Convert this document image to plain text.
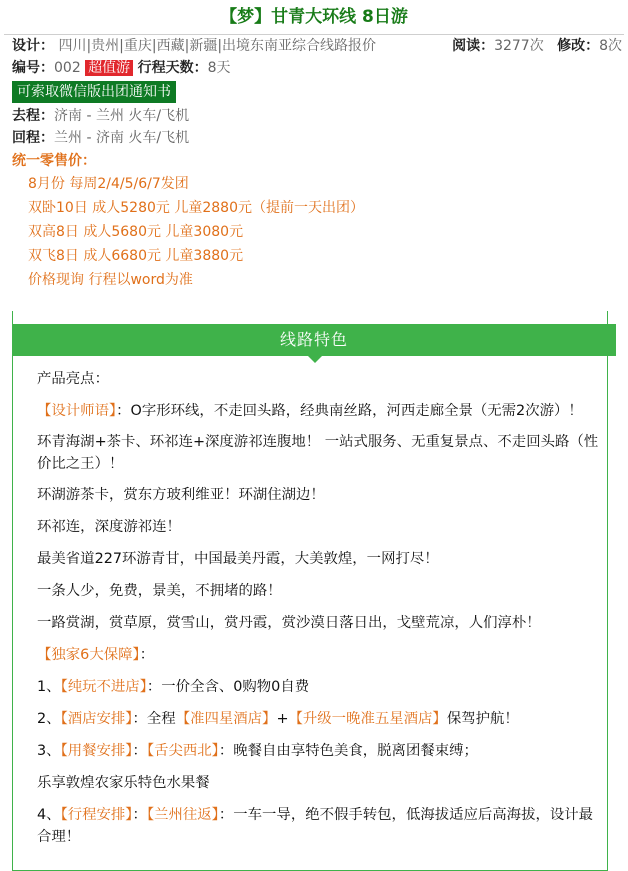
【梦】甘青大环线 8日游
设计： 四川|贵州|重庆|西藏|新疆|出境东南亚综合线路报价	阅读：3277次 修改：8次
编号：002 超值游 行程天数：8天
可索取微信版出团通知书
去程：济南 - 兰州 火车/飞机
回程：兰州 - 济南 火车/飞机
统一零售价：
8月份 每周2/4/5/6/7发团
双卧10日 成人5280元 儿童2880元（提前一天出团）
双高8日 成人5680元 儿童3080元
双飞8日 成人6680元 儿童3880元
价格现询 行程以word为准
线路特色

产品亮点：

【设计师语】：O字形环线，不走回头路，经典南丝路，河西走廊全景（无需2次游）！

环青海湖+茶卡、环祁连+深度游祁连腹地！ 一站式服务、无重复景点、不走回头路（性价比之王）！

环湖游茶卡，赏东方玻利维亚！环湖住湖边！

环祁连，深度游祁连！

最美省道227环游青甘，中国最美丹霞，大美敦煌，一网打尽！

一条人少，免费，景美，不拥堵的路！

一路赏湖，赏草原，赏雪山，赏丹霞，赏沙漠日落日出，戈壁荒凉，人们淳朴！

【独家6大保障】：

1、【纯玩不进店】：一价全含、0购物0自费

2、【酒店安排】：全程【准四星酒店】+【升级一晚准五星酒店】保驾护航！

3、【用餐安排】：【舌尖西北】：晚餐自由享特色美食，脱离团餐束缚；

乐享敦煌农家乐特色水果餐

4、【行程安排】：【兰州往返】：一车一导，绝不假手转包，低海拔适应后高海拔，设计最合理！
